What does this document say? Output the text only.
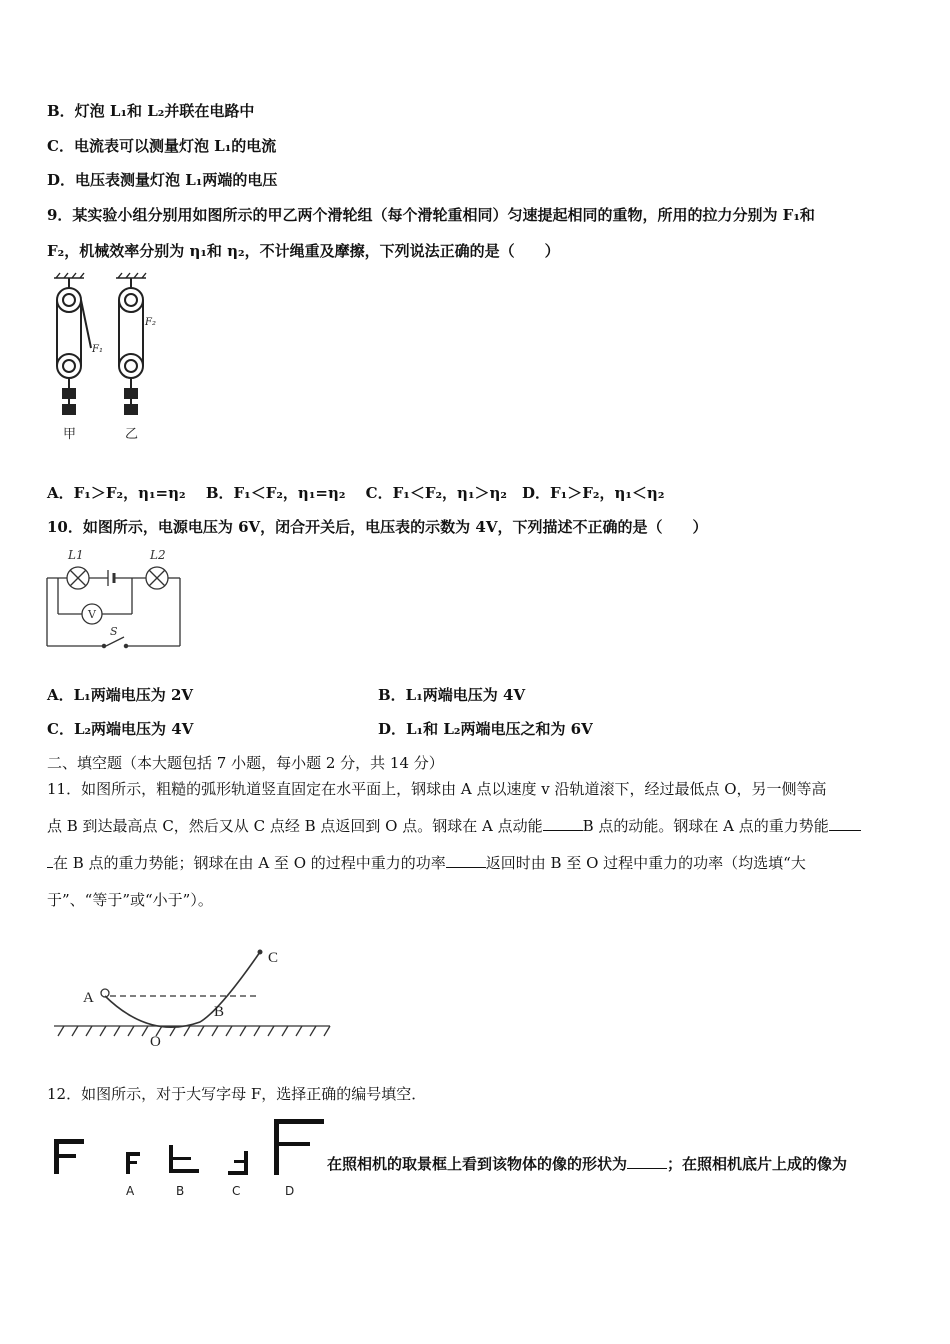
B．灯泡 L₁和 L₂并联在电路中
C．电流表可以测量灯泡 L₁的电流
D．电压表测量灯泡 L₁两端的电压
9．某实验小组分别用如图所示的甲乙两个滑轮组（每个滑轮重相同）匀速提起相同的重物，所用的拉力分别为 F₁和
F₂，机械效率分别为 η₁和 η₂，不计绳重及摩擦，下列说法正确的是（　　）
F₁
F₂
甲	乙
A．F₁＞F₂，η₁=η₂　 B．F₁＜F₂，η₁=η₂　 C．F₁＜F₂，η₁＞η₂　D．F₁＞F₂，η₁＜η₂
10．如图所示，电源电压为 6V，闭合开关后，电压表的示数为 4V，下列描述不正确的是（　　）
L1	L2
V
S
A．L₁两端电压为 2V	B．L₁两端电压为 4V
C．L₂两端电压为 4V	D．L₁和 L₂两端电压之和为 6V
二、填空题（本大题包括 7 小题，每小题 2 分，共 14 分）
11．如图所示，粗糙的弧形轨道竖直固定在水平面上，钢球由 A 点以速度 v 沿轨道滚下，经过最低点 O，另一侧等高
点 B 到达最高点 C，然后又从 C 点经 B 点返回到 O 点。钢球在 A 点动能	B 点的动能。钢球在 A 点的重力势能
在 B 点的重力势能；钢球在由 A 至 O 的过程中重力的功率	返回时由 B 至 O 过程中重力的功率（均选填“大
于”、“等于”或“小于”）。
A
B
C
O
12．如图所示，对于大写字母 F，选择正确的编号填空．
A	B	C	D
在照相机的取景框上看到该物体的像的形状为	；在照相机底片上成的像为
